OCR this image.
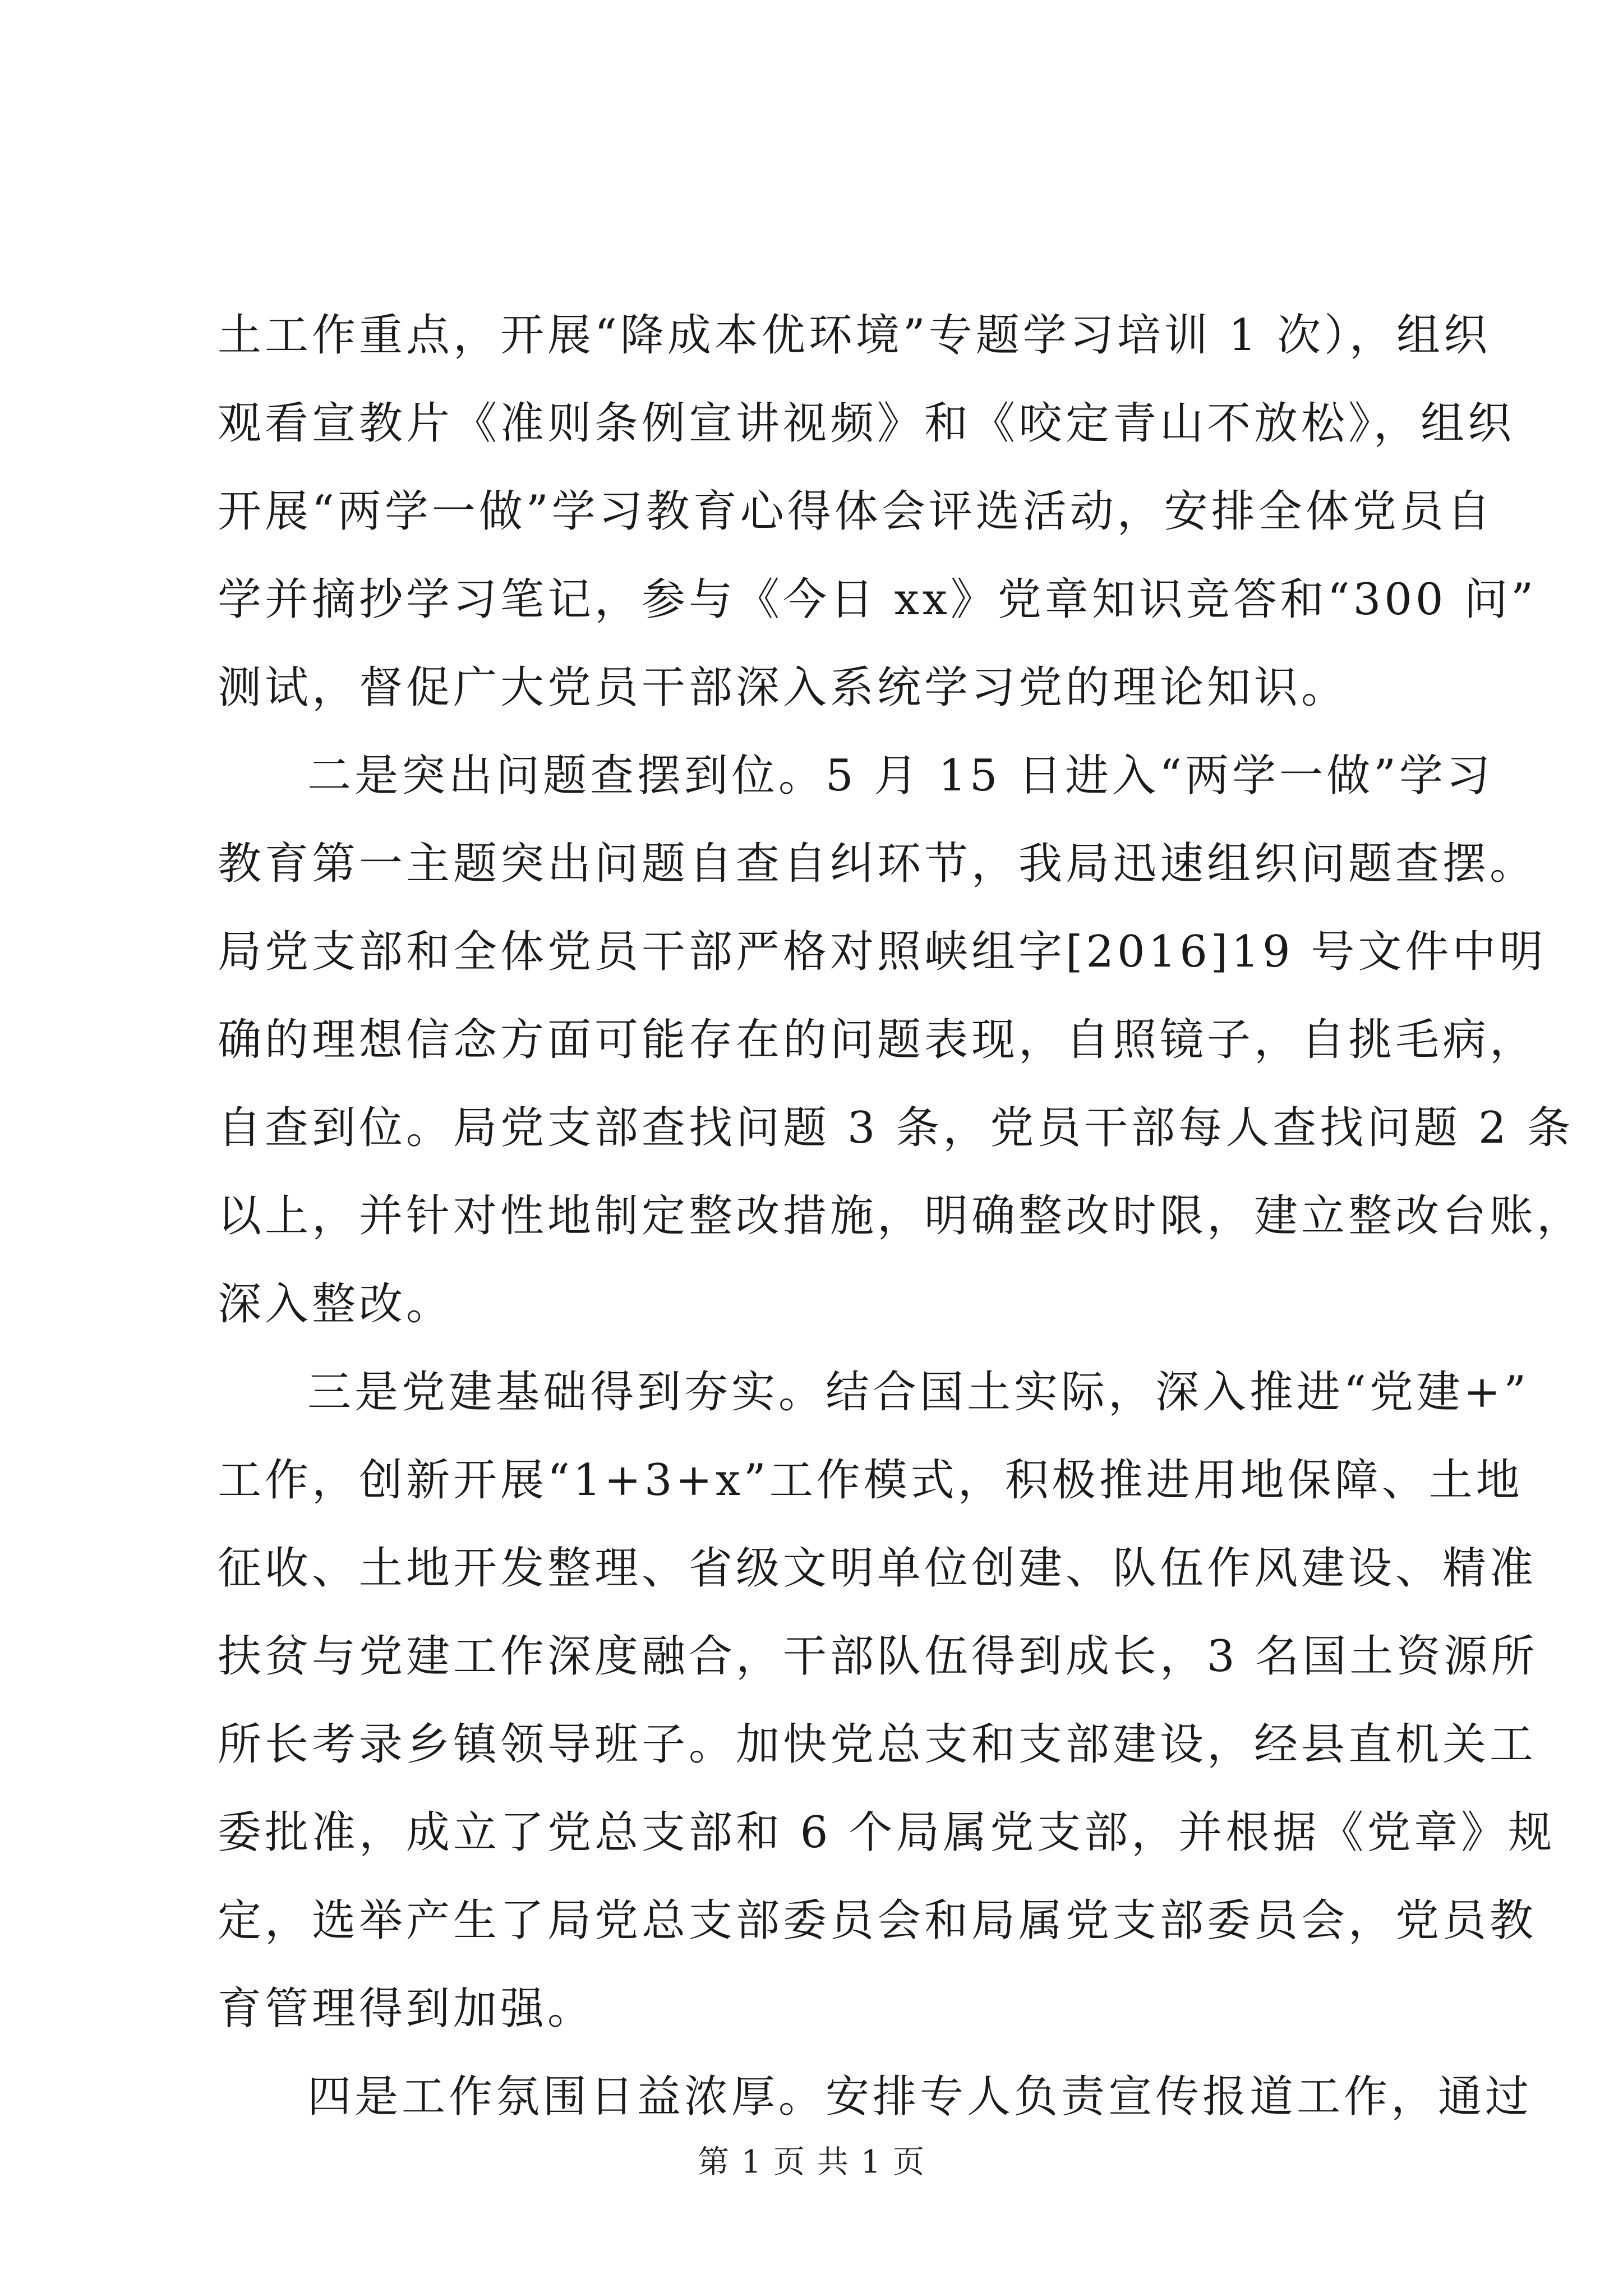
土工作重点，开展“降成本优环境”专题学习培训 1 次），组织
观看宣教片《准则条例宣讲视频》和《咬定青山不放松》，组织
开展“两学一做”学习教育心得体会评选活动，安排全体党员自
学并摘抄学习笔记，参与《今日 xx》党章知识竞答和“300 问”
测试，督促广大党员干部深入系统学习党的理论知识。
二是突出问题查摆到位。5 月 15 日进入“两学一做”学习
教育第一主题突出问题自查自纠环节，我局迅速组织问题查摆。
局党支部和全体党员干部严格对照峡组字[2016]19 号文件中明
确的理想信念方面可能存在的问题表现，自照镜子，自挑毛病，
自查到位。局党支部查找问题 3 条，党员干部每人查找问题 2 条
以上，并针对性地制定整改措施，明确整改时限，建立整改台账，
深入整改。
三是党建基础得到夯实。结合国土实际，深入推进“党建+”
工作，创新开展“1+3+x”工作模式，积极推进用地保障、土地
征收、土地开发整理、省级文明单位创建、队伍作风建设、精准
扶贫与党建工作深度融合，干部队伍得到成长，3 名国土资源所
所长考录乡镇领导班子。加快党总支和支部建设，经县直机关工
委批准，成立了党总支部和 6 个局属党支部，并根据《党章》规
定，选举产生了局党总支部委员会和局属党支部委员会，党员教
育管理得到加强。
四是工作氛围日益浓厚。安排专人负责宣传报道工作，通过
第 1 页 共 1 页
